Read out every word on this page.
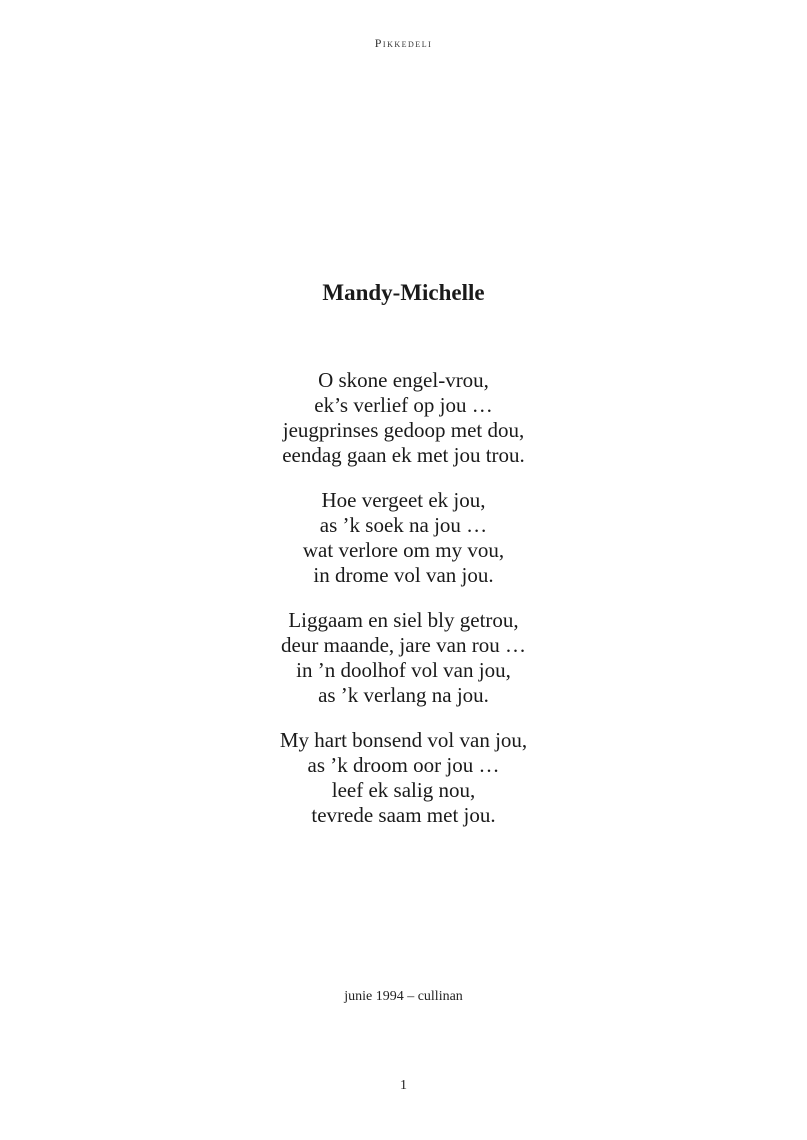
Pikkedeli
Mandy-Michelle
O skone engel-vrou,
ek’s verlief op jou …
jeugprinses gedoop met dou,
eendag gaan ek met jou trou.
Hoe vergeet ek jou,
as ’k soek na jou …
wat verlore om my vou,
in drome vol van jou.
Liggaam en siel bly getrou,
deur maande, jare van rou …
in ’n doolhof vol van jou,
as ’k verlang na jou.
My hart bonsend vol van jou,
as ’k droom oor jou …
leef ek salig nou,
tevrede saam met jou.
junie 1994 – cullinan
1
